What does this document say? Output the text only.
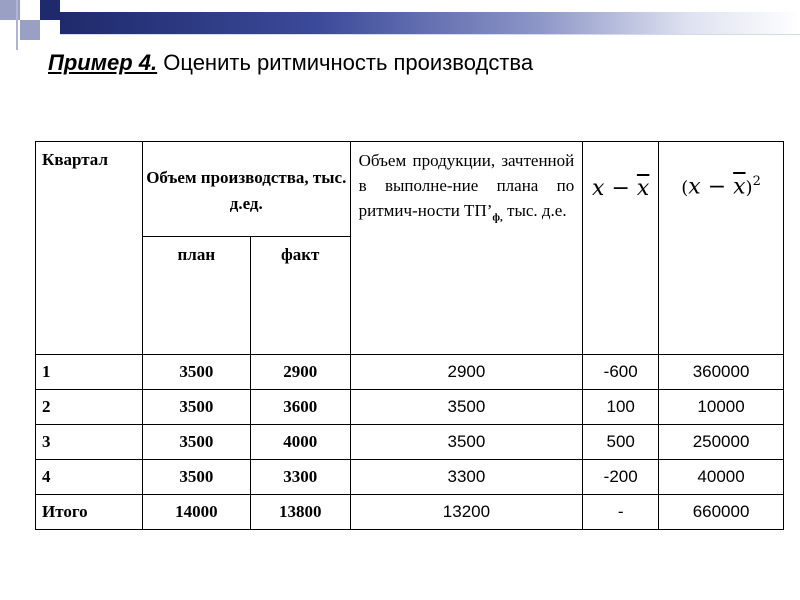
Пример 4. Оценить ритмичность производства
Квартал	Объем производства, тыс. д.ед.		Объем продукции, зачтенной в выполне-ние плана по ритмич-ности $ТП’_{ф,}$ тыс. д.е.	$x - \overline{x}$	$(x - \overline{x})^2$
	план	факт			
1	3500	2900	2900	-600	360000
2	3500	3600	3500	100	10000
3	3500	4000	3500	500	250000
4	3500	3300	3300	-200	40000
Итого	14000	13800	13200	-	660000
